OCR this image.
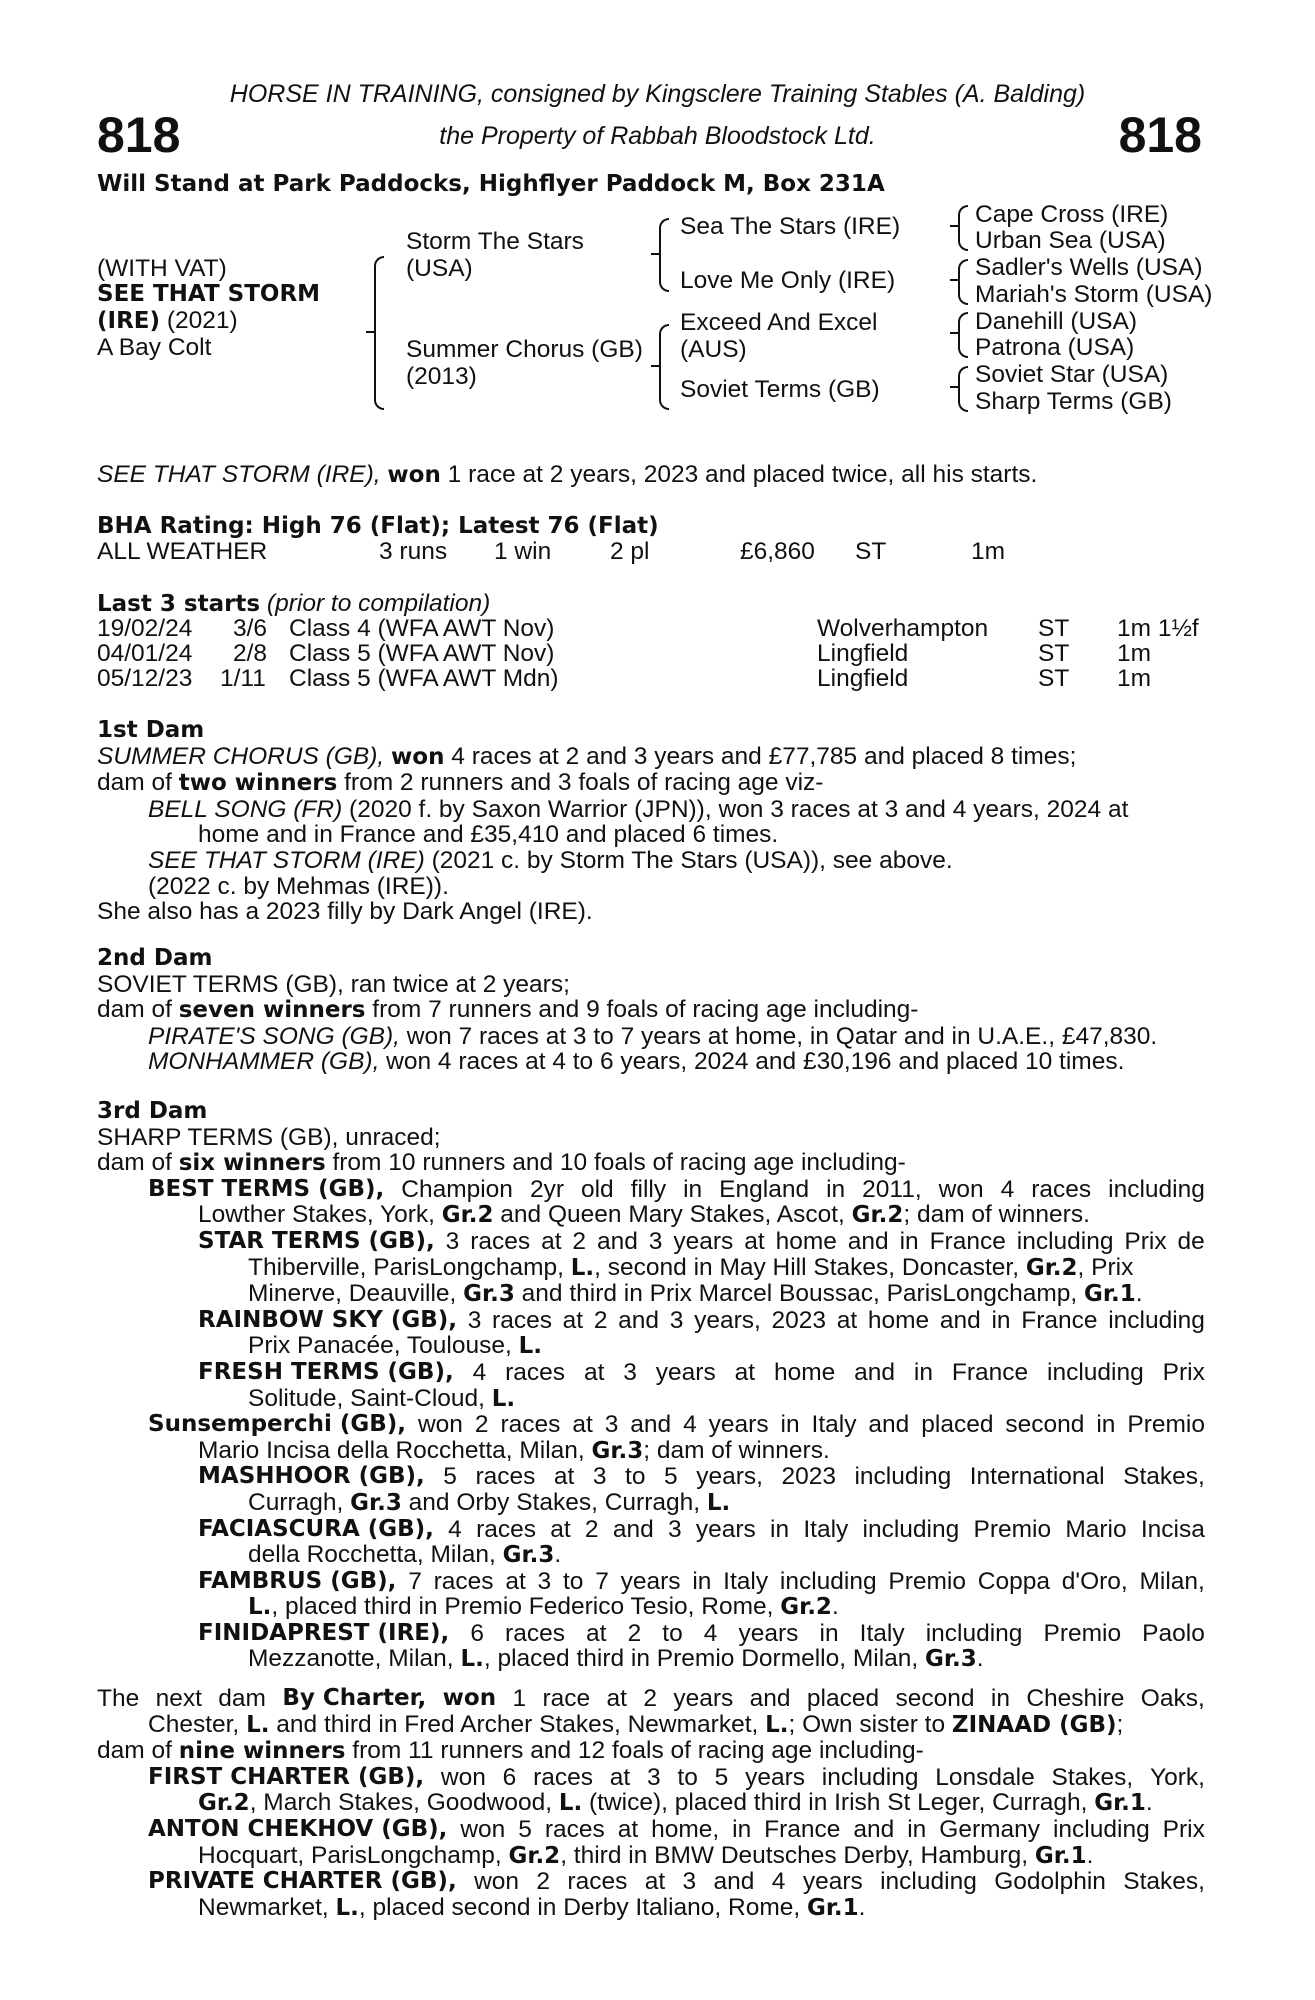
HORSE IN TRAINING, consigned by Kingsclere Training Stables (A. Balding)
818	the Property of Rabbah Bloodstock Ltd.	818
Will Stand at Park Paddocks, Highflyer Paddock M, Box 231A
(WITH VAT)
SEE THAT STORM
(IRE) (2021)
A Bay Colt
Storm The Stars
(USA)
Summer Chorus (GB)
(2013)
Sea The Stars (IRE)
Love Me Only (IRE)
Exceed And Excel
(AUS)
Soviet Terms (GB)
Cape Cross (IRE)
Urban Sea (USA)
Sadler's Wells (USA)
Mariah's Storm (USA)
Danehill (USA)
Patrona (USA)
Soviet Star (USA)
Sharp Terms (GB)
SEE THAT STORM (IRE), won 1 race at 2 years, 2023 and placed twice, all his starts.
BHA Rating: High 76 (Flat); Latest 76 (Flat)
ALL WEATHER	3 runs 1 win 2 pl	£6,860 ST	1m
Last 3 starts (prior to compilation)
19/02/24 3/6 Class 4 (WFA AWT Nov)	Wolverhampton ST 1m 1½f
04/01/24 2/8 Class 5 (WFA AWT Nov)	Lingfield	ST 1m
05/12/23 1/11 Class 5 (WFA AWT Mdn)	Lingfield	ST 1m
1st Dam
SUMMER CHORUS (GB), won 4 races at 2 and 3 years and £77,785 and placed 8 times;
dam of two winners from 2 runners and 3 foals of racing age viz-
BELL SONG (FR) (2020 f. by Saxon Warrior (JPN)), won 3 races at 3 and 4 years, 2024 at
home and in France and £35,410 and placed 6 times.
SEE THAT STORM (IRE) (2021 c. by Storm The Stars (USA)), see above.
(2022 c. by Mehmas (IRE)).
She also has a 2023 filly by Dark Angel (IRE).
2nd Dam
SOVIET TERMS (GB), ran twice at 2 years;
dam of seven winners from 7 runners and 9 foals of racing age including-
PIRATE'S SONG (GB), won 7 races at 3 to 7 years at home, in Qatar and in U.A.E., £47,830.
MONHAMMER (GB), won 4 races at 4 to 6 years, 2024 and £30,196 and placed 10 times.
3rd Dam
SHARP TERMS (GB), unraced;
dam of six winners from 10 runners and 10 foals of racing age including-
BEST TERMS (GB), Champion 2yr old filly in England in 2011, won 4 races including
Lowther Stakes, York, Gr.2 and Queen Mary Stakes, Ascot, Gr.2; dam of winners.
STAR TERMS (GB), 3 races at 2 and 3 years at home and in France including Prix de
Thiberville, ParisLongchamp, L., second in May Hill Stakes, Doncaster, Gr.2, Prix
Minerve, Deauville, Gr.3 and third in Prix Marcel Boussac, ParisLongchamp, Gr.1.
RAINBOW SKY (GB), 3 races at 2 and 3 years, 2023 at home and in France including
Prix Panacée, Toulouse, L.
FRESH TERMS (GB), 4 races at 3 years at home and in France including Prix
Solitude, Saint-Cloud, L.
Sunsemperchi (GB), won 2 races at 3 and 4 years in Italy and placed second in Premio
Mario Incisa della Rocchetta, Milan, Gr.3; dam of winners.
MASHHOOR (GB), 5 races at 3 to 5 years, 2023 including International Stakes,
Curragh, Gr.3 and Orby Stakes, Curragh, L.
FACIASCURA (GB), 4 races at 2 and 3 years in Italy including Premio Mario Incisa
della Rocchetta, Milan, Gr.3.
FAMBRUS (GB), 7 races at 3 to 7 years in Italy including Premio Coppa d'Oro, Milan,
L., placed third in Premio Federico Tesio, Rome, Gr.2.
FINIDAPREST (IRE), 6 races at 2 to 4 years in Italy including Premio Paolo
Mezzanotte, Milan, L., placed third in Premio Dormello, Milan, Gr.3.
The next dam By Charter, won 1 race at 2 years and placed second in Cheshire Oaks,
Chester, L. and third in Fred Archer Stakes, Newmarket, L.; Own sister to ZINAAD (GB);
dam of nine winners from 11 runners and 12 foals of racing age including-
FIRST CHARTER (GB), won 6 races at 3 to 5 years including Lonsdale Stakes, York,
Gr.2, March Stakes, Goodwood, L. (twice), placed third in Irish St Leger, Curragh, Gr.1.
ANTON CHEKHOV (GB), won 5 races at home, in France and in Germany including Prix
Hocquart, ParisLongchamp, Gr.2, third in BMW Deutsches Derby, Hamburg, Gr.1.
PRIVATE CHARTER (GB), won 2 races at 3 and 4 years including Godolphin Stakes,
Newmarket, L., placed second in Derby Italiano, Rome, Gr.1.
